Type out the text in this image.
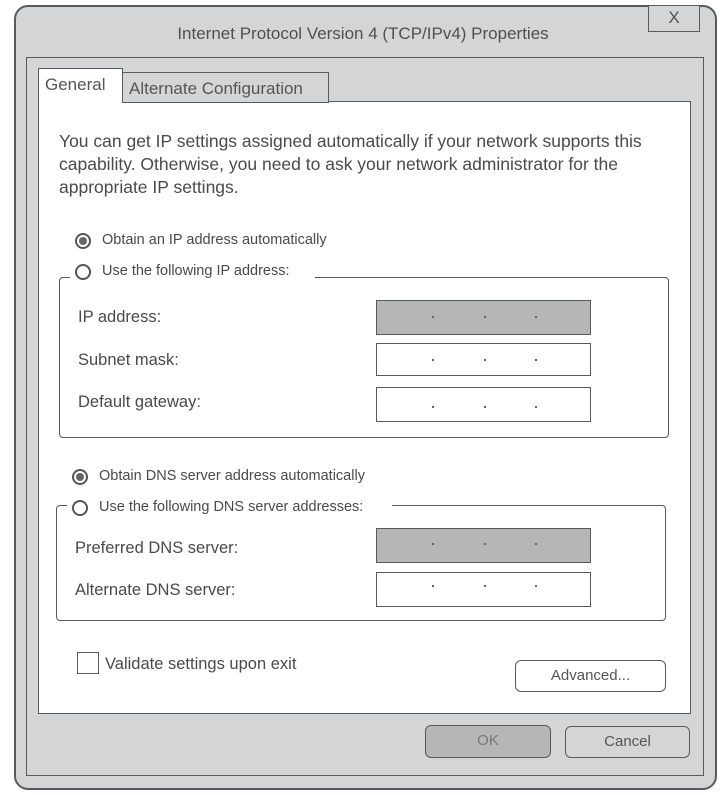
Internet Protocol Version 4 (TCP/IPv4) Properties
X
General	Alternate Configuration
You can get IP settings assigned automatically if your network supports this capability. Otherwise, you need to ask your network administrator for the appropriate IP settings.
Obtain an IP address automatically
Use the following IP address:
IP address:
Subnet mask:
Default gateway:
Obtain DNS server address automatically
Use the following DNS server addresses:
Preferred DNS server:
Alternate DNS server:
Validate settings upon exit
Advanced...
OK	Cancel
